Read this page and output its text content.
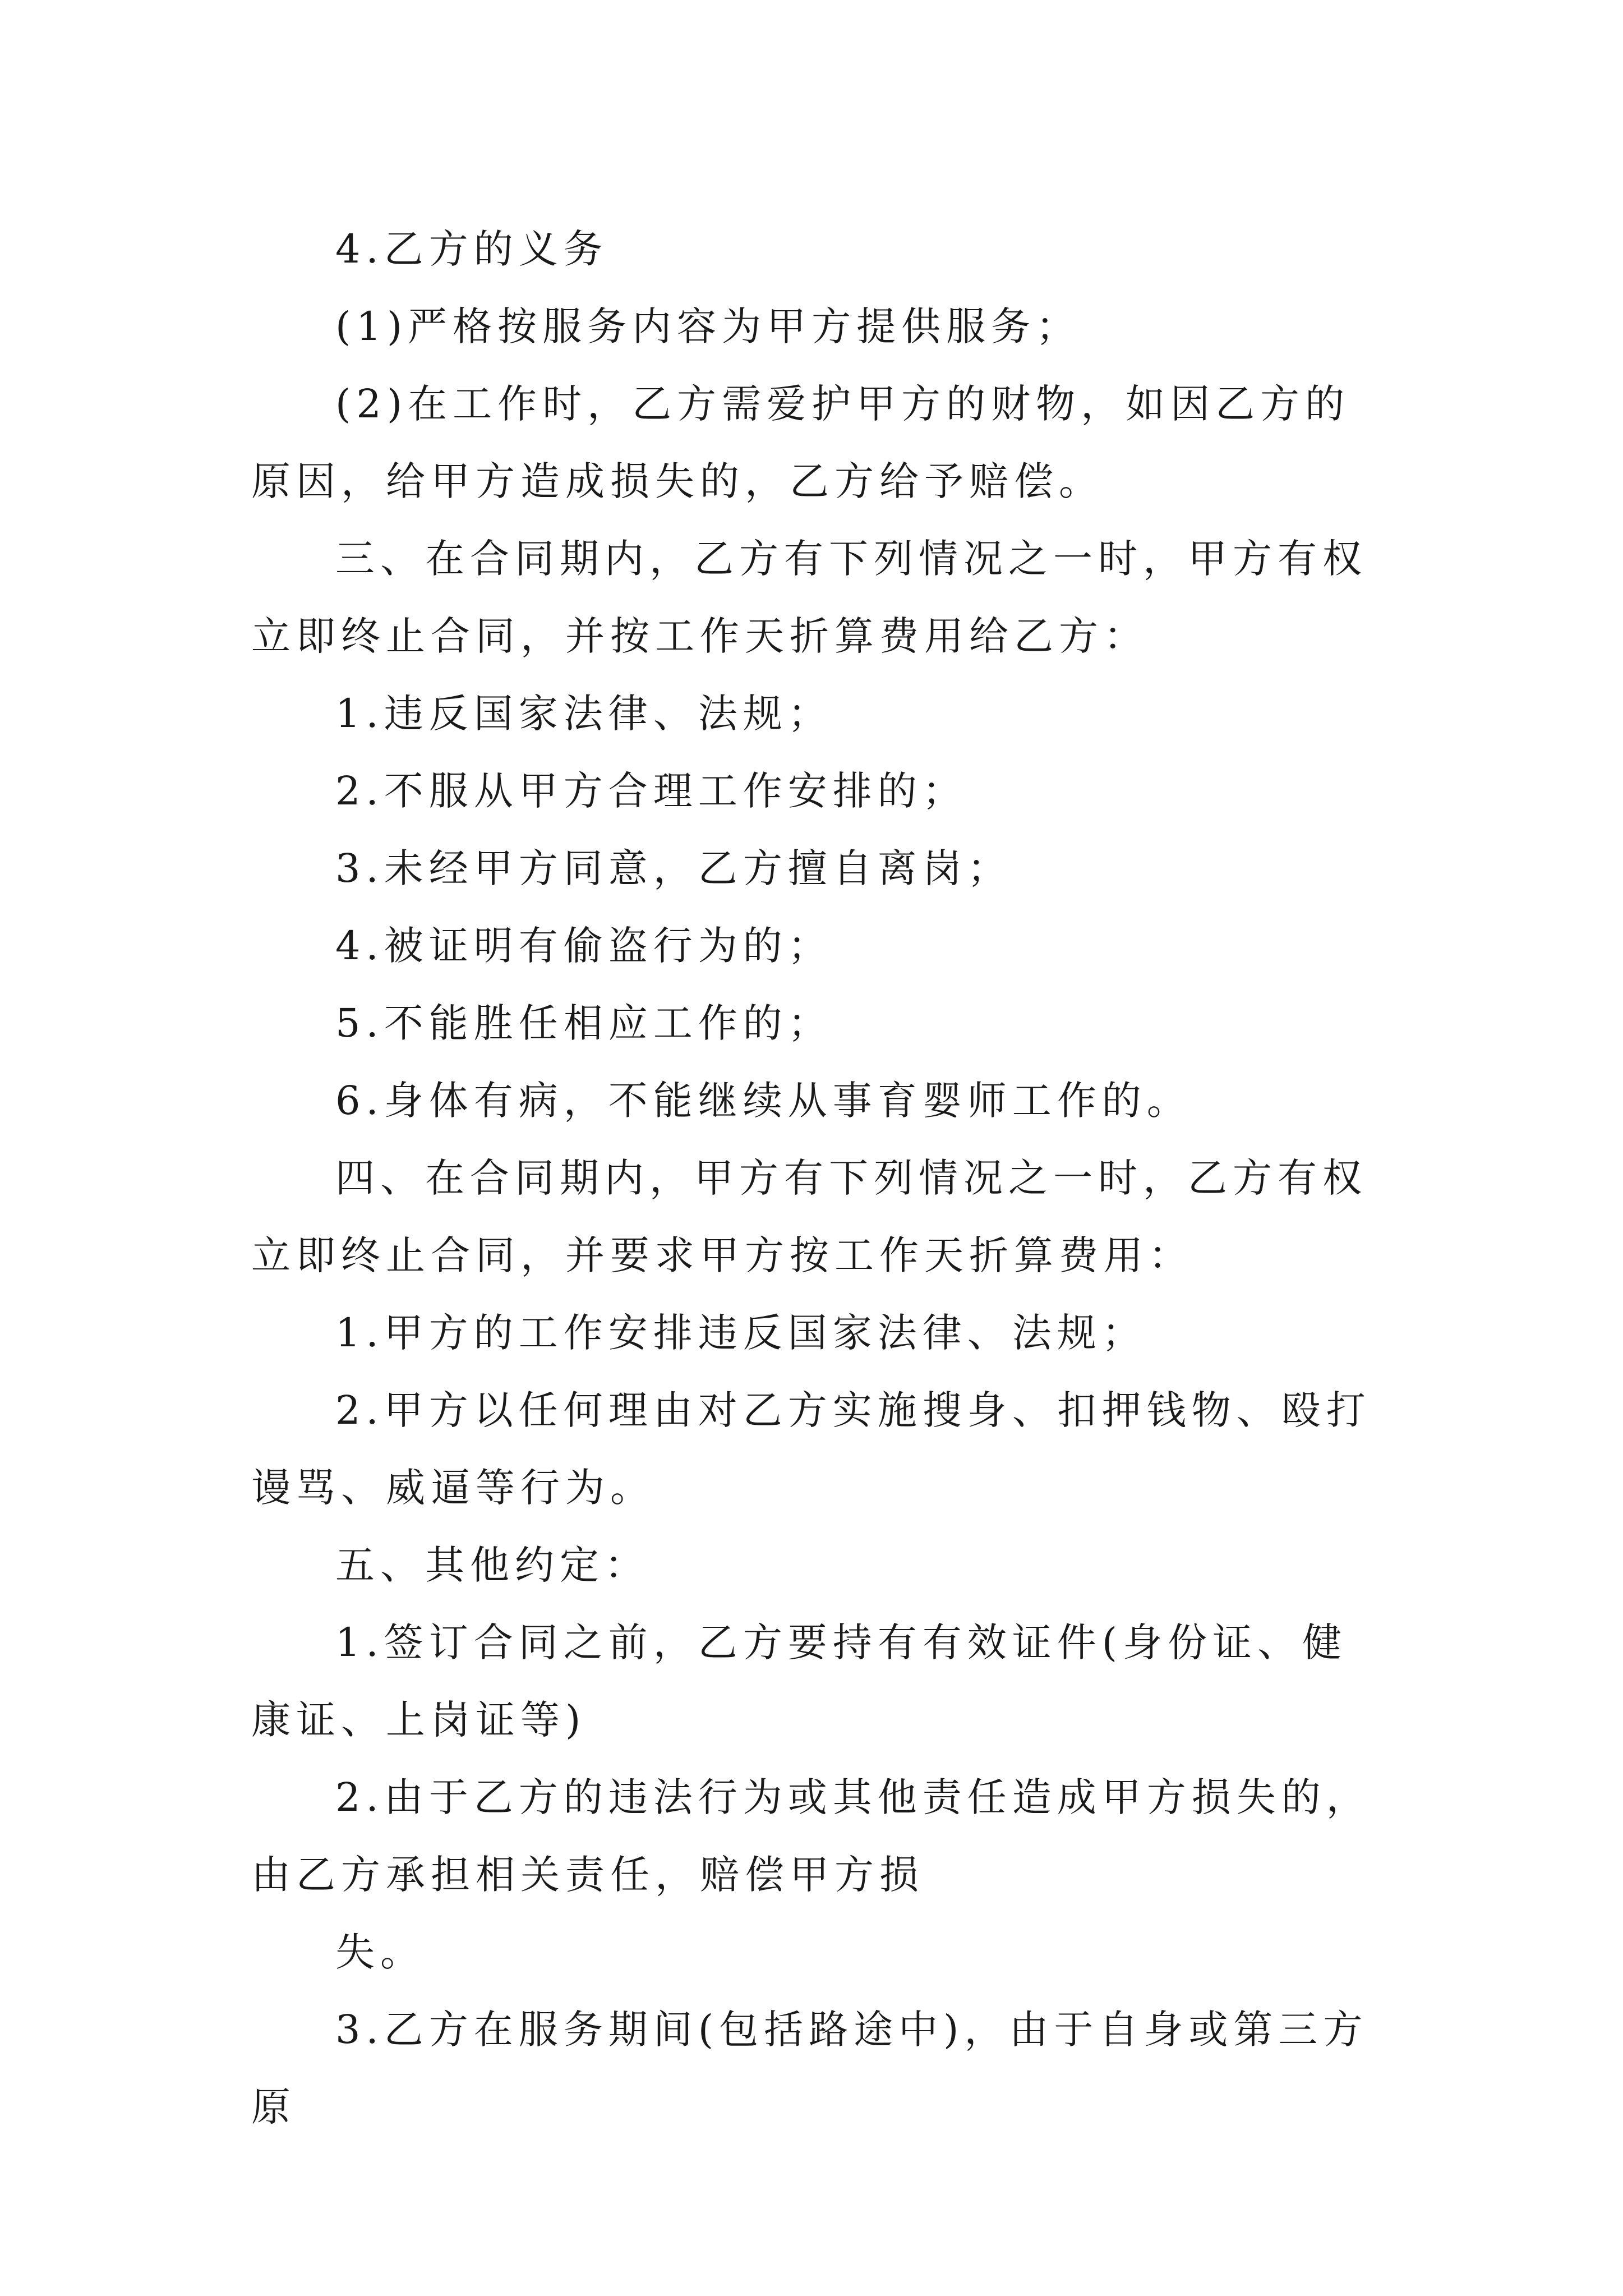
4.乙方的义务

(1)严格按服务内容为甲方提供服务；

(2)在工作时，乙方需爱护甲方的财物，如因乙方的原因，给甲方造成损失的，乙方给予赔偿。

三、在合同期内，乙方有下列情况之一时，甲方有权立即终止合同，并按工作天折算费用给乙方：

1.违反国家法律、法规；

2.不服从甲方合理工作安排的；

3.未经甲方同意，乙方擅自离岗；

4.被证明有偷盗行为的；

5.不能胜任相应工作的；

6.身体有病，不能继续从事育婴师工作的。

四、在合同期内，甲方有下列情况之一时，乙方有权立即终止合同，并要求甲方按工作天折算费用：

1.甲方的工作安排违反国家法律、法规；

2.甲方以任何理由对乙方实施搜身、扣押钱物、殴打谩骂、威逼等行为。

五、其他约定：

1.签订合同之前，乙方要持有有效证件(身份证、健康证、上岗证等)

2.由于乙方的违法行为或其他责任造成甲方损失的，由乙方承担相关责任，赔偿甲方损

失。

3.乙方在服务期间(包括路途中)，由于自身或第三方原
